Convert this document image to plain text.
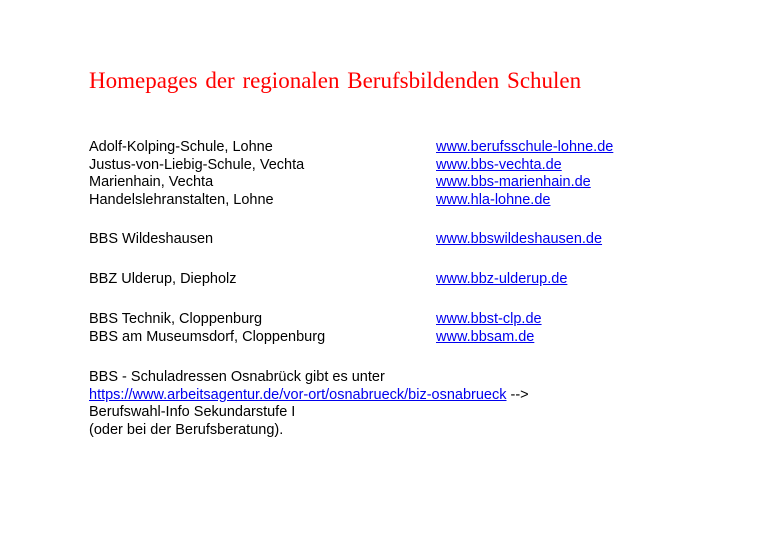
Homepages der regionalen Berufsbildenden Schulen
Adolf-Kolping-Schule, Lohne	www.berufsschule-lohne.de
Justus-von-Liebig-Schule, Vechta	www.bbs-vechta.de
Marienhain, Vechta	www.bbs-marienhain.de
Handelslehranstalten, Lohne	www.hla-lohne.de
BBS Wildeshausen	www.bbswildeshausen.de
BBZ Ulderup, Diepholz	www.bbz-ulderup.de
BBS Technik, Cloppenburg	www.bbst-clp.de
BBS am Museumsdorf, Cloppenburg	www.bbsam.de
BBS - Schuladressen Osnabrück gibt es unter
https://www.arbeitsagentur.de/vor-ort/osnabrueck/biz-osnabrueck -->
Berufswahl-Info Sekundarstufe I
(oder bei der Berufsberatung).
